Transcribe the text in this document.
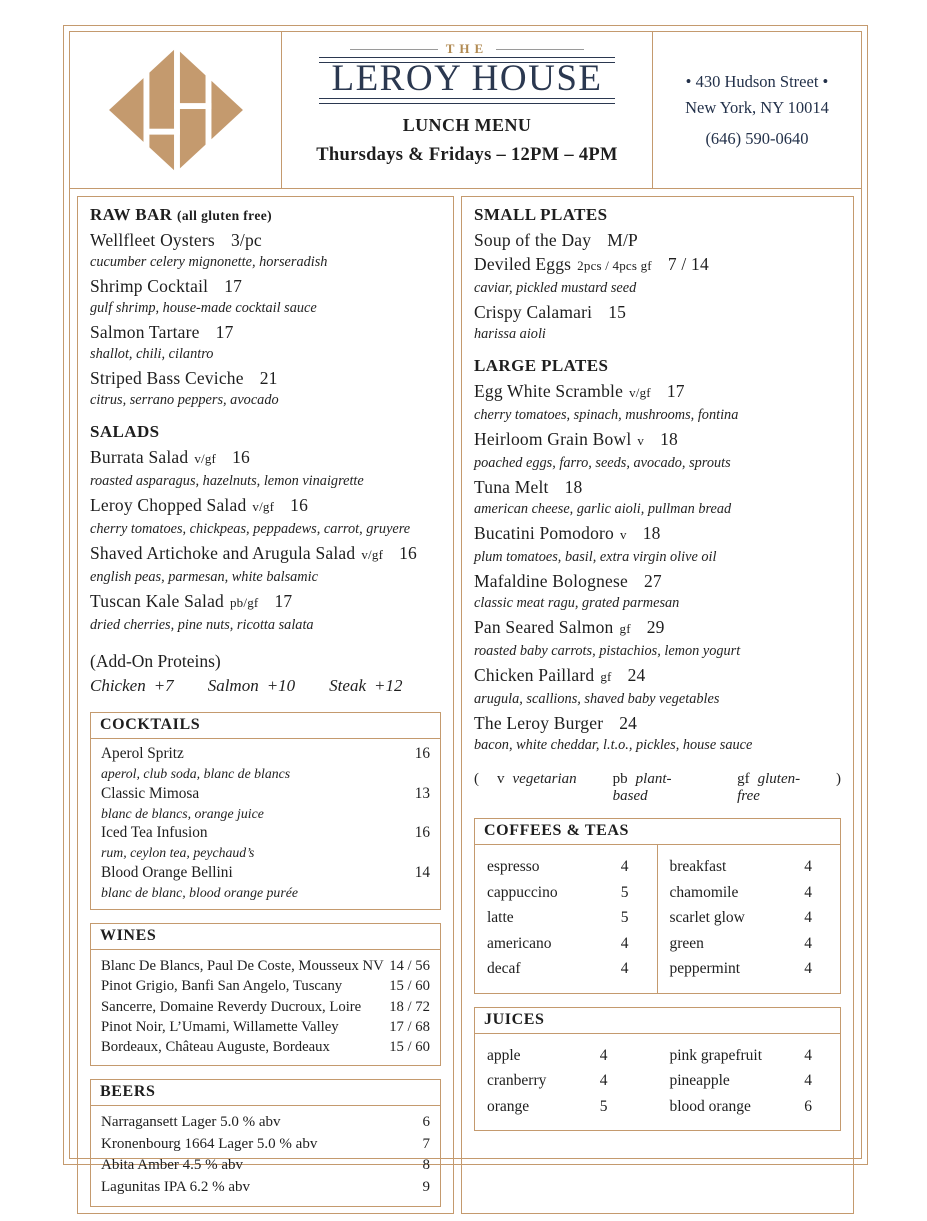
THE
LEROY HOUSE
LUNCH MENU
Thursdays & Fridays – 12PM – 4PM
• 430 Hudson Street •
New York, NY 10014
(646) 590-0640
RAW BAR (all gluten free)
Wellfleet Oysters 3/pc
cucumber celery mignonette, horseradish
Shrimp Cocktail 17
gulf shrimp, house-made cocktail sauce
Salmon Tartare 17
shallot, chili, cilantro
Striped Bass Ceviche 21
citrus, serrano peppers, avocado
SALADS
Burrata Salad v/gf 16
roasted asparagus, hazelnuts, lemon vinaigrette
Leroy Chopped Salad v/gf 16
cherry tomatoes, chickpeas, peppadews, carrot, gruyere
Shaved Artichoke and Arugula Salad v/gf 16
english peas, parmesan, white balsamic
Tuscan Kale Salad pb/gf 17
dried cherries, pine nuts, ricotta salata
(Add-On Proteins)
Chicken +7 Salmon +10 Steak +12
COCKTAILS
Aperol Spritz	16
aperol, club soda, blanc de blancs
Classic Mimosa	13
blanc de blancs, orange juice
Iced Tea Infusion	16
rum, ceylon tea, peychaud’s
Blood Orange Bellini	14
blanc de blanc, blood orange purée
WINES
Blanc De Blancs, Paul De Coste, Mousseux NV 14 / 56
Pinot Grigio, Banfi San Angelo, Tuscany	15 / 60
Sancerre, Domaine Reverdy Ducroux, Loire 18 / 72
Pinot Noir, L’Umami, Willamette Valley	17 / 68
Bordeaux, Château Auguste, Bordeaux	15 / 60
BEERS
Narragansett Lager 5.0 % abv	6
Kronenbourg 1664 Lager 5.0 % abv	7
Abita Amber 4.5 % abv	8
Lagunitas IPA 6.2 % abv	9
SMALL PLATES
Soup of the Day M/P
Deviled Eggs 2pcs / 4pcs gf 7 / 14
caviar, pickled mustard seed
Crispy Calamari 15
harissa aioli
LARGE PLATES
Egg White Scramble v/gf 17
cherry tomatoes, spinach, mushrooms, fontina
Heirloom Grain Bowl v 18
poached eggs, farro, seeds, avocado, sprouts
Tuna Melt 18
american cheese, garlic aioli, pullman bread
Bucatini Pomodoro v 18
plum tomatoes, basil, extra virgin olive oil
Mafaldine Bolognese 27
classic meat ragu, grated parmesan
Pan Seared Salmon gf 29
roasted baby carrots, pistachios, lemon yogurt
Chicken Paillard gf 24
arugula, scallions, shaved baby vegetables
The Leroy Burger 24
bacon, white cheddar, l.t.o., pickles, house sauce
( v vegetarian pb plant-based
gf gluten-free
)
COFFEES & TEAS
espresso	4
cappuccino	5
latte	5
americano	4
decaf	4
breakfast	4
chamomile	4
scarlet glow	4
green	4
peppermint	4
JUICES
apple	4
cranberry	4
orange	5
pink grapefruit	4
pineapple	4
blood orange	6
